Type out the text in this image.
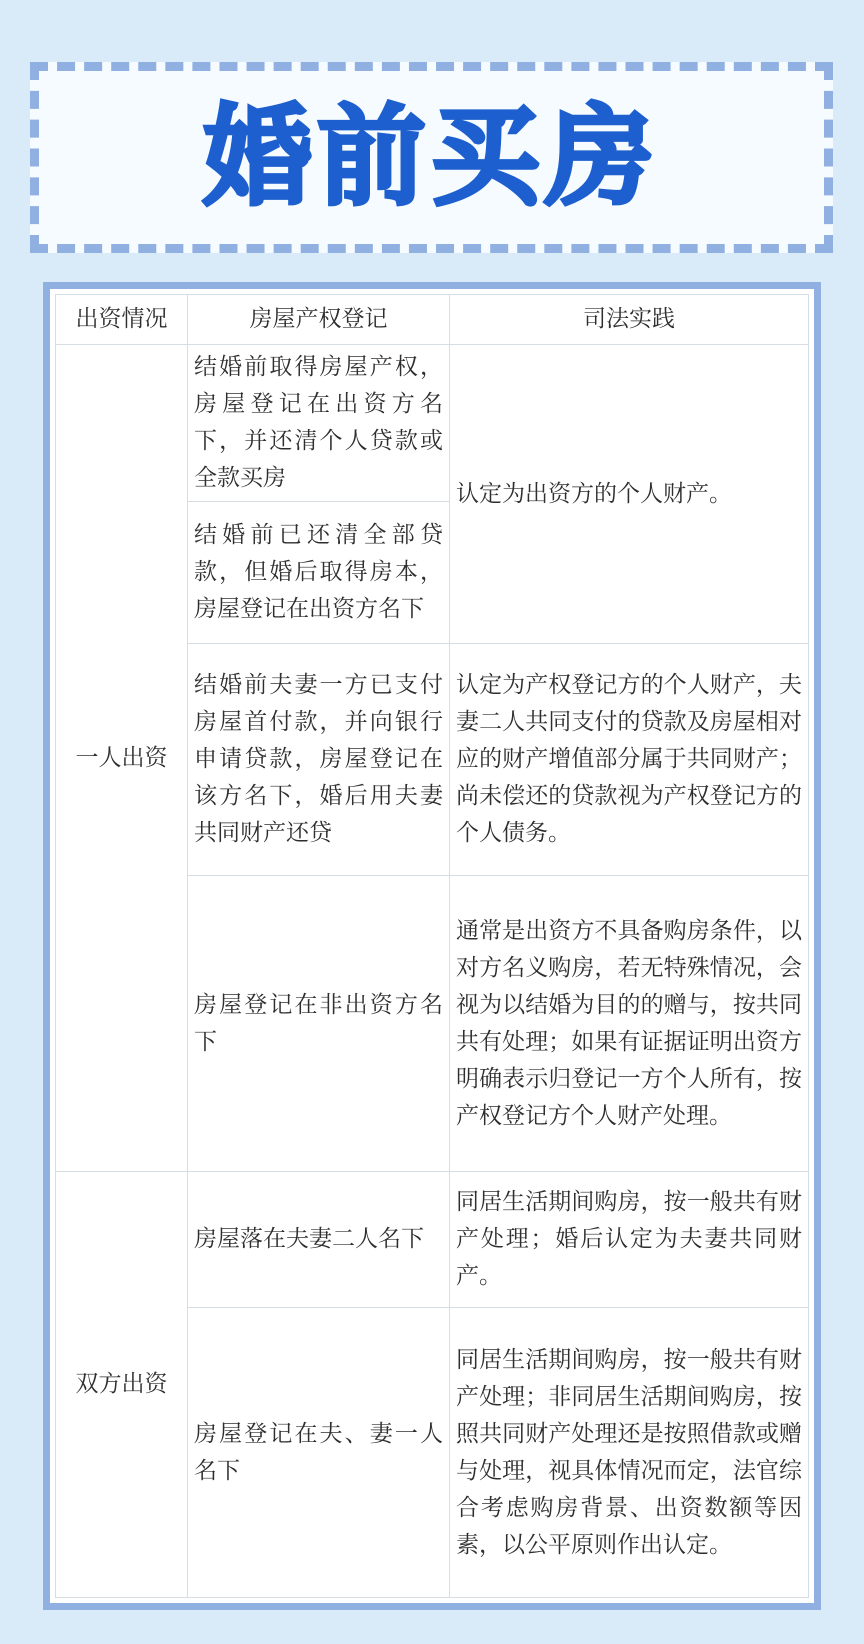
婚前买房
出资情况	房屋产权登记	司法实践
一人出资	结婚前取得房屋产权，房屋登记在出资方名下，并还清个人贷款或全款买房	认定为出资方的个人财产。
	结婚前已还清全部贷款，但婚后取得房本，房屋登记在出资方名下	
	结婚前夫妻一方已支付房屋首付款，并向银行申请贷款，房屋登记在该方名下，婚后用夫妻共同财产还贷	认定为产权登记方的个人财产，夫妻二人共同支付的贷款及房屋相对应的财产增值部分属于共同财产；尚未偿还的贷款视为产权登记方的个人债务。
	房屋登记在非出资方名下	通常是出资方不具备购房条件，以对方名义购房，若无特殊情况，会视为以结婚为目的的赠与，按共同共有处理；如果有证据证明出资方明确表示归登记一方个人所有，按产权登记方个人财产处理。
双方出资	房屋落在夫妻二人名下	同居生活期间购房，按一般共有财产处理；婚后认定为夫妻共同财产。
	房屋登记在夫、妻一人名下	同居生活期间购房，按一般共有财产处理；非同居生活期间购房，按照共同财产处理还是按照借款或赠与处理，视具体情况而定，法官综合考虑购房背景、出资数额等因素，以公平原则作出认定。
